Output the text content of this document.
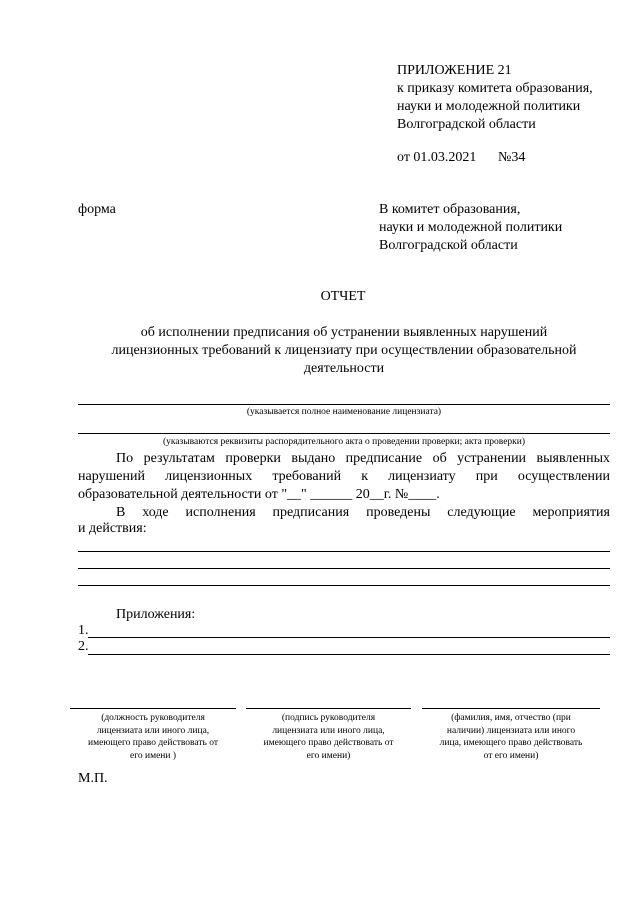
ПРИЛОЖЕНИЕ 21
к приказу комитета образования,
науки и молодежной политики
Волгоградской области
от 01.03.2021 №34
форма	В комитет образования,
науки и молодежной политики
Волгоградской области
ОТЧЕТ
об исполнении предписания об устранении выявленных нарушений
лицензионных требований к лицензиату при осуществлении образовательной
деятельности
(указывается полное наименование лицензиата)
(указываются реквизиты распорядительного акта о проведении проверки; акта проверки)
По результатам проверки выдано предписание об устранении выявленных
нарушений лицензионных требований к лицензиату при осуществлении
образовательной деятельности от "__" ______ 20__г. №____.
В ходе исполнения предписания проведены следующие мероприятия
и действия:
Приложения:
1.
2.
(должность руководителя
лицензиата или иного лица,
имеющего право действовать от
его имени )
(подпись руководителя
лицензиата или иного лица,
имеющего право действовать от
его имени)
(фамилия, имя, отчество (при
наличии) лицензиата или иного
лица, имеющего право действовать
от его имени)
М.П.
